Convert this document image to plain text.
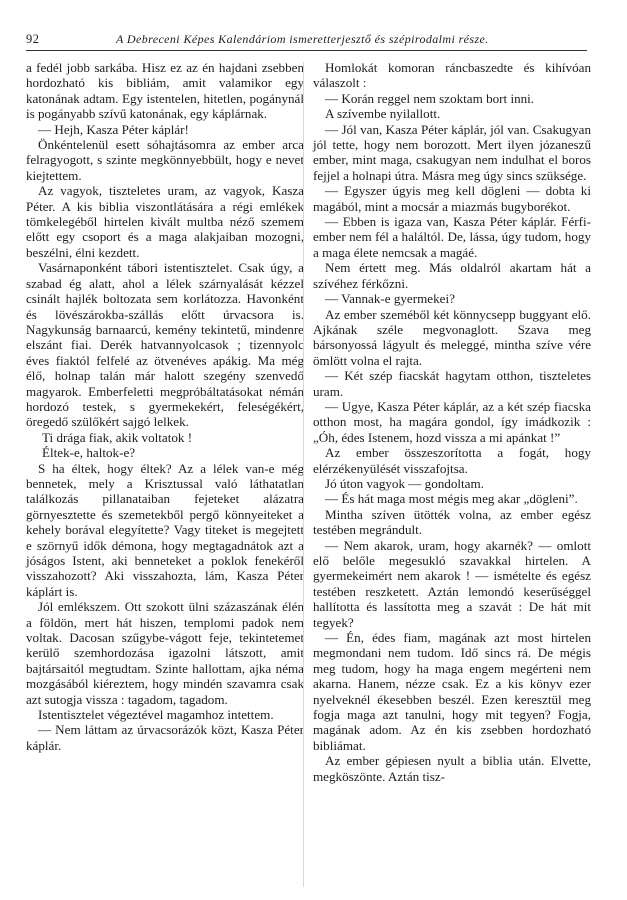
92	A Debreceni Képes Kalendáriom ismeretterjesztő és szépirodalmi része.

a fedél jobb sarkába. Hisz ez az én hajdani zsebben hordozható kis bibliám, amit valamikor egy katonának adtam. Egy istentelen, hitetlen, pogánynál is pogányabb szívű katonának, egy káplárnak.

— Hejh, Kasza Péter káplár!

Önkéntelenül esett sóhajtásomra az ember arca felragyogott, s szinte megkönnyebbült, hogy e nevet kiejtettem.

Az vagyok, tiszteletes uram, az vagyok, Kasza Péter. A kis biblia viszontlátására a régi emlékek tömkelegéből hirtelen kivált multba néző szemem előtt egy csoport és a maga alakjaiban mozogni, beszélni, élni kezdett.

Vasárnaponként tábori istentisztelet. Csak úgy, a szabad ég alatt, ahol a lélek szárnyalását kézzel csinált hajlék boltozata sem korlátozza. Havonként és lövészárokba-szállás előtt úrvacsora is. Nagykunság barnaarcú, kemény tekintetű, mindenre elszánt fiai. Derék hatvannyolcasok ; tizennyolc éves fiaktól felfelé az ötvenéves apákig. Ma még élő, holnap talán már halott szegény szenvedő magyarok. Emberfeletti megpróbáltatásokat némán hordozó testek, s gyermekekért, feleségékért, öregedő szülőkért sajgó lelkek.

Ti drága fiak, akik voltatok !

Éltek-e, haltok-e?

S ha éltek, hogy éltek? Az a lélek van-e még bennetek, mely a Krisztussal való láthatatlan találkozás pillanataiban fejeteket alázatra görnyesztette és szemetekből pergő könnyeiteket a kehely borával elegyítette? Vagy titeket is megejtett e szörnyű idők démona, hogy megtagadnátok azt a jóságos Istent, aki benneteket a poklok fenekéről visszahozott? Aki visszahozta, lám, Kasza Péter káplárt is.

Jól emlékszem. Ott szokott ülni százaszának élén a földön, mert hát hiszen, templomi padok nem voltak. Dacosan szűgybe-vágott feje, tekintetemet kerülő szemhordozása igazolni látszott, amit bajtársaitól megtudtam. Szinte hallottam, ajka néma mozgásából kiéreztem, hogy mindén szavamra csak azt sutogja vissza : tagadom, tagadom.

Istentisztelet végeztével magamhoz intettem.

— Nem láttam az úrvacsorázók közt, Kasza Péter káplár.

Homlokát komoran ráncbaszedte és kihívóan válaszolt :

— Korán reggel nem szoktam bort inni.

A szívembe nyilallott.

— Jól van, Kasza Péter káplár, jól van. Csakugyan jól tette, hogy nem borozott. Mert ilyen józaneszű ember, mint maga, csakugyan nem indulhat el boros fejjel a holnapi útra. Másra meg úgy sincs szüksége.

— Egyszer úgyis meg kell dögleni — dobta ki magából, mint a mocsár a miazmás bugyborékot.

— Ebben is igaza van, Kasza Péter káplár. Férfi-ember nem fél a haláltól. De, lássa, úgy tudom, hogy a maga élete nemcsak a magáé.

Nem értett meg. Más oldalról akartam hát a szívéhez férkőzni.

— Vannak-e gyermekei?

Az ember szeméből két könnycsepp buggyant elő. Ajkának széle megvonaglott. Szava meg bársonyossá lágyult és meleggé, mintha szíve vére ömlött volna el rajta.

— Két szép fiacskát hagytam otthon, tiszteletes uram.

— Ugye, Kasza Péter káplár, az a két szép fiacska otthon most, ha magára gondol, így imádkozik : „Óh, édes Istenem, hozd vissza a mi apánkat !”

Az ember összeszorította a fogát, hogy elérzékenyülését visszafojtsa.

Jó úton vagyok — gondoltam.

— És hát maga most mégis meg akar „dögleni”.

Mintha szíven ütötték volna, az ember egész testében megrándult.

— Nem akarok, uram, hogy akarnék? — omlott elő belőle megesukló szavakkal hirtelen. A gyermekeimért nem akarok ! — ismételte és egész testében reszketett. Aztán lemondó keserűséggel hallította és lassította meg a szavát : De hát mit tegyek?

— Én, édes fiam, magának azt most hirtelen megmondani nem tudom. Idő sincs rá. De mégis meg tudom, hogy ha maga engem megérteni nem akarna. Hanem, nézze csak. Ez a kis könyv ezer nyelveknél ékesebben beszél. Ezen keresztül meg fogja maga azt tanulni, hogy mit tegyen? Fogja, magának adom. Az én kis zsebben hordozható bibliámat.

Az ember gépiesen nyult a biblia után. Elvette, megköszönte. Aztán tisz-
